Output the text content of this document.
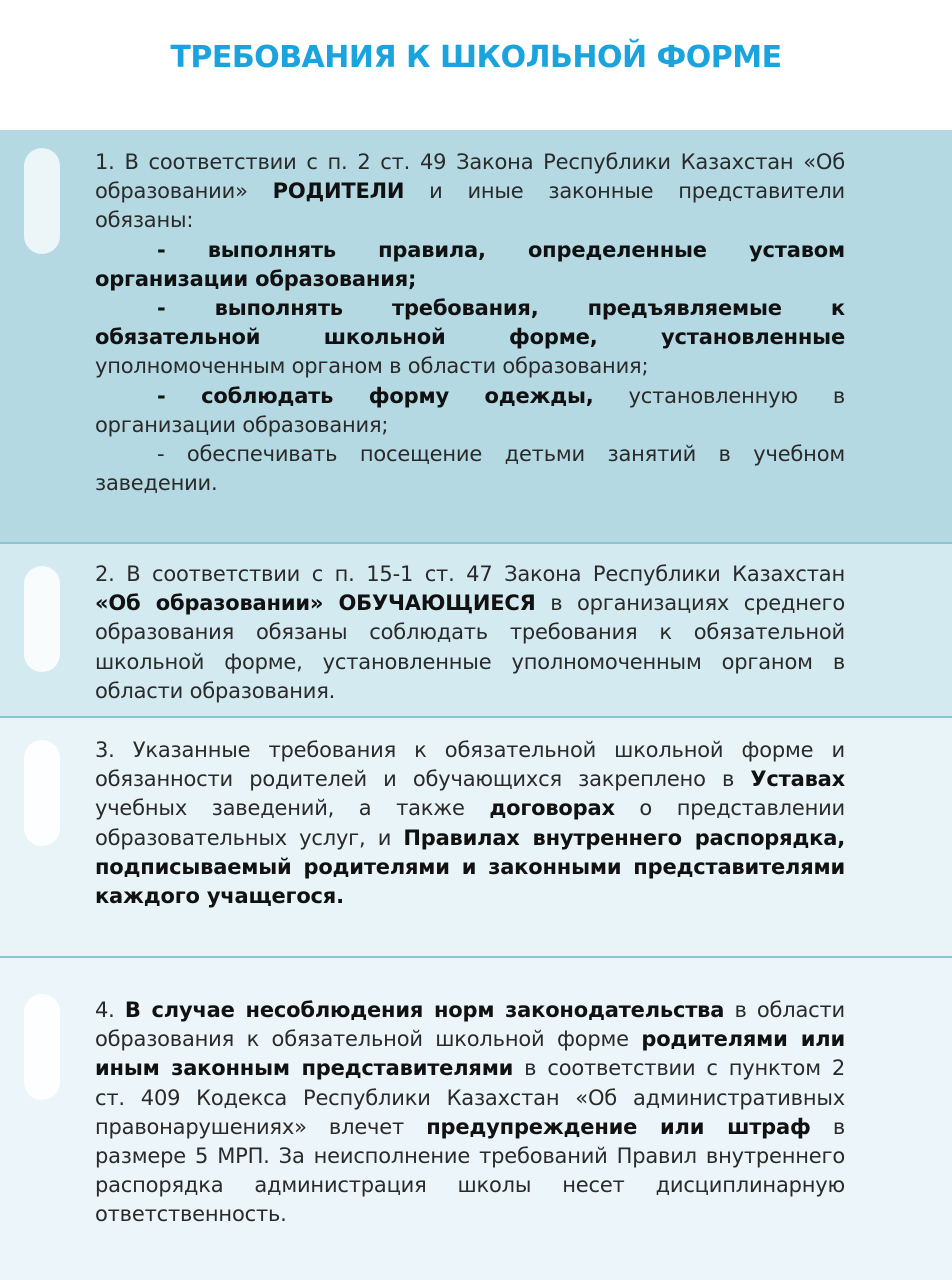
ТРЕБОВАНИЯ К ШКОЛЬНОЙ ФОРМЕ

1. В соответствии с п. 2 ст. 49 Закона Республики Казахстан «Об образовании» РОДИТЕЛИ и иные законные представители обязаны:

- выполнять правила, определенные уставом организации образования;

- выполнять требования, предъявляемые к обязательной школьной форме, установленные уполномоченным органом в области образования;

- соблюдать форму одежды, установленную в организации образования;

- обеспечивать посещение детьми занятий в учебном заведении.

2. В соответствии с п. 15-1 ст. 47 Закона Республики Казахстан «Об образовании» ОБУЧАЮЩИЕСЯ в организациях среднего образования обязаны соблюдать требования к обязательной школьной форме, установленные уполномоченным органом в области образования.

3. Указанные требования к обязательной школьной форме и обязанности родителей и обучающихся закреплено в Уставах учебных заведений, а также договорах о представлении образовательных услуг, и Правилах внутреннего распорядка, подписываемый родителями и законными представителями каждого учащегося.

4. В случае несоблюдения норм законодательства в области образования к обязательной школьной форме родителями или иным законным представителями в соответствии с пунктом 2 ст. 409 Кодекса Республики Казахстан «Об административных правонарушениях» влечет предупреждение или штраф в размере 5 МРП. За неисполнение требований Правил внутреннего распорядка администрация школы несет дисциплинарную ответственность.
